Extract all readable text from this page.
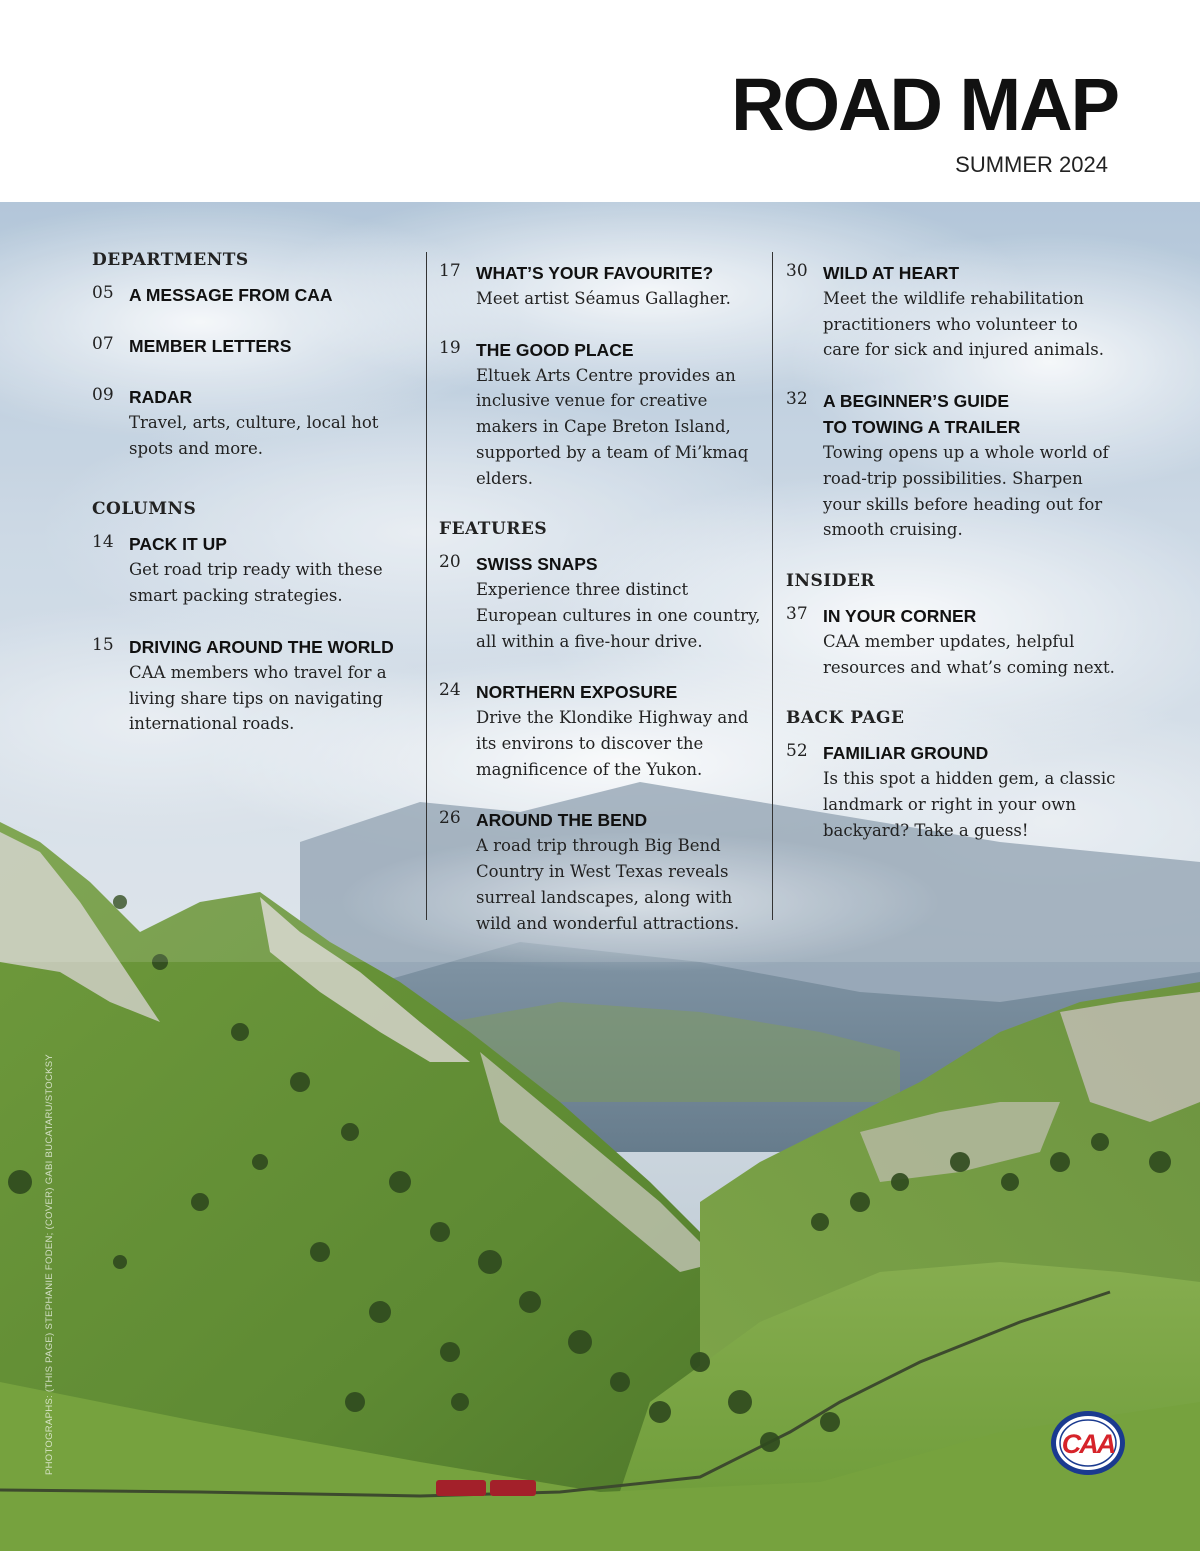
ROAD MAP
SUMMER 2024
DEPARTMENTS
05 A MESSAGE FROM CAA
07 MEMBER LETTERS
09 RADAR
Travel, arts, culture, local hot spots and more.
COLUMNS
14 PACK IT UP
Get road trip ready with these smart packing strategies.
15 DRIVING AROUND THE WORLD
CAA members who travel for a living share tips on navigating international roads.
17 WHAT’S YOUR FAVOURITE?
Meet artist Séamus Gallagher.
19 THE GOOD PLACE
Eltuek Arts Centre provides an inclusive venue for creative makers in Cape Breton Island, supported by a team of Mi’kmaq elders.
FEATURES
20 SWISS SNAPS
Experience three distinct European cultures in one country, all within a five-hour drive.
24 NORTHERN EXPOSURE
Drive the Klondike Highway and its environs to discover the magnificence of the Yukon.
26 AROUND THE BEND
A road trip through Big Bend Country in West Texas reveals surreal landscapes, along with wild and wonderful attractions.
30 WILD AT HEART
Meet the wildlife rehabilitation practitioners who volunteer to care for sick and injured animals.
32 A BEGINNER’S GUIDE TO TOWING A TRAILER
Towing opens up a whole world of road-trip possibilities. Sharpen your skills before heading out for smooth cruising.
INSIDER
37 IN YOUR CORNER
CAA member updates, helpful resources and what’s coming next.
BACK PAGE
52 FAMILIAR GROUND
Is this spot a hidden gem, a classic landmark or right in your own backyard? Take a guess!
PHOTOGRAPHS: (THIS PAGE) STEPHANIE FODEN; (COVER) GABI BUCATARU/STOCKSY	CAA
